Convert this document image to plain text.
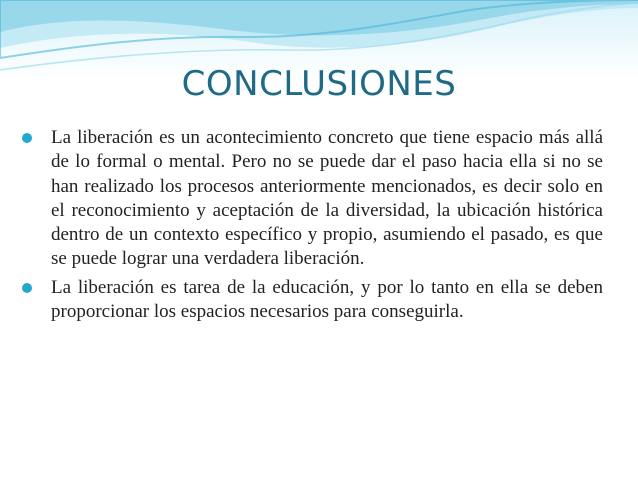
CONCLUSIONES
La liberación es un acontecimiento concreto que tiene espacio más allá de lo formal o mental. Pero no se puede dar el paso hacia ella si no se han realizado los procesos anteriormente mencionados, es decir solo en el reconocimiento y aceptación de la diversidad, la ubicación histórica dentro de un contexto específico y propio, asumiendo el pasado, es que se puede lograr una verdadera liberación.
La liberación es tarea de la educación, y por lo tanto en ella se deben proporcionar los espacios necesarios para conseguirla.
